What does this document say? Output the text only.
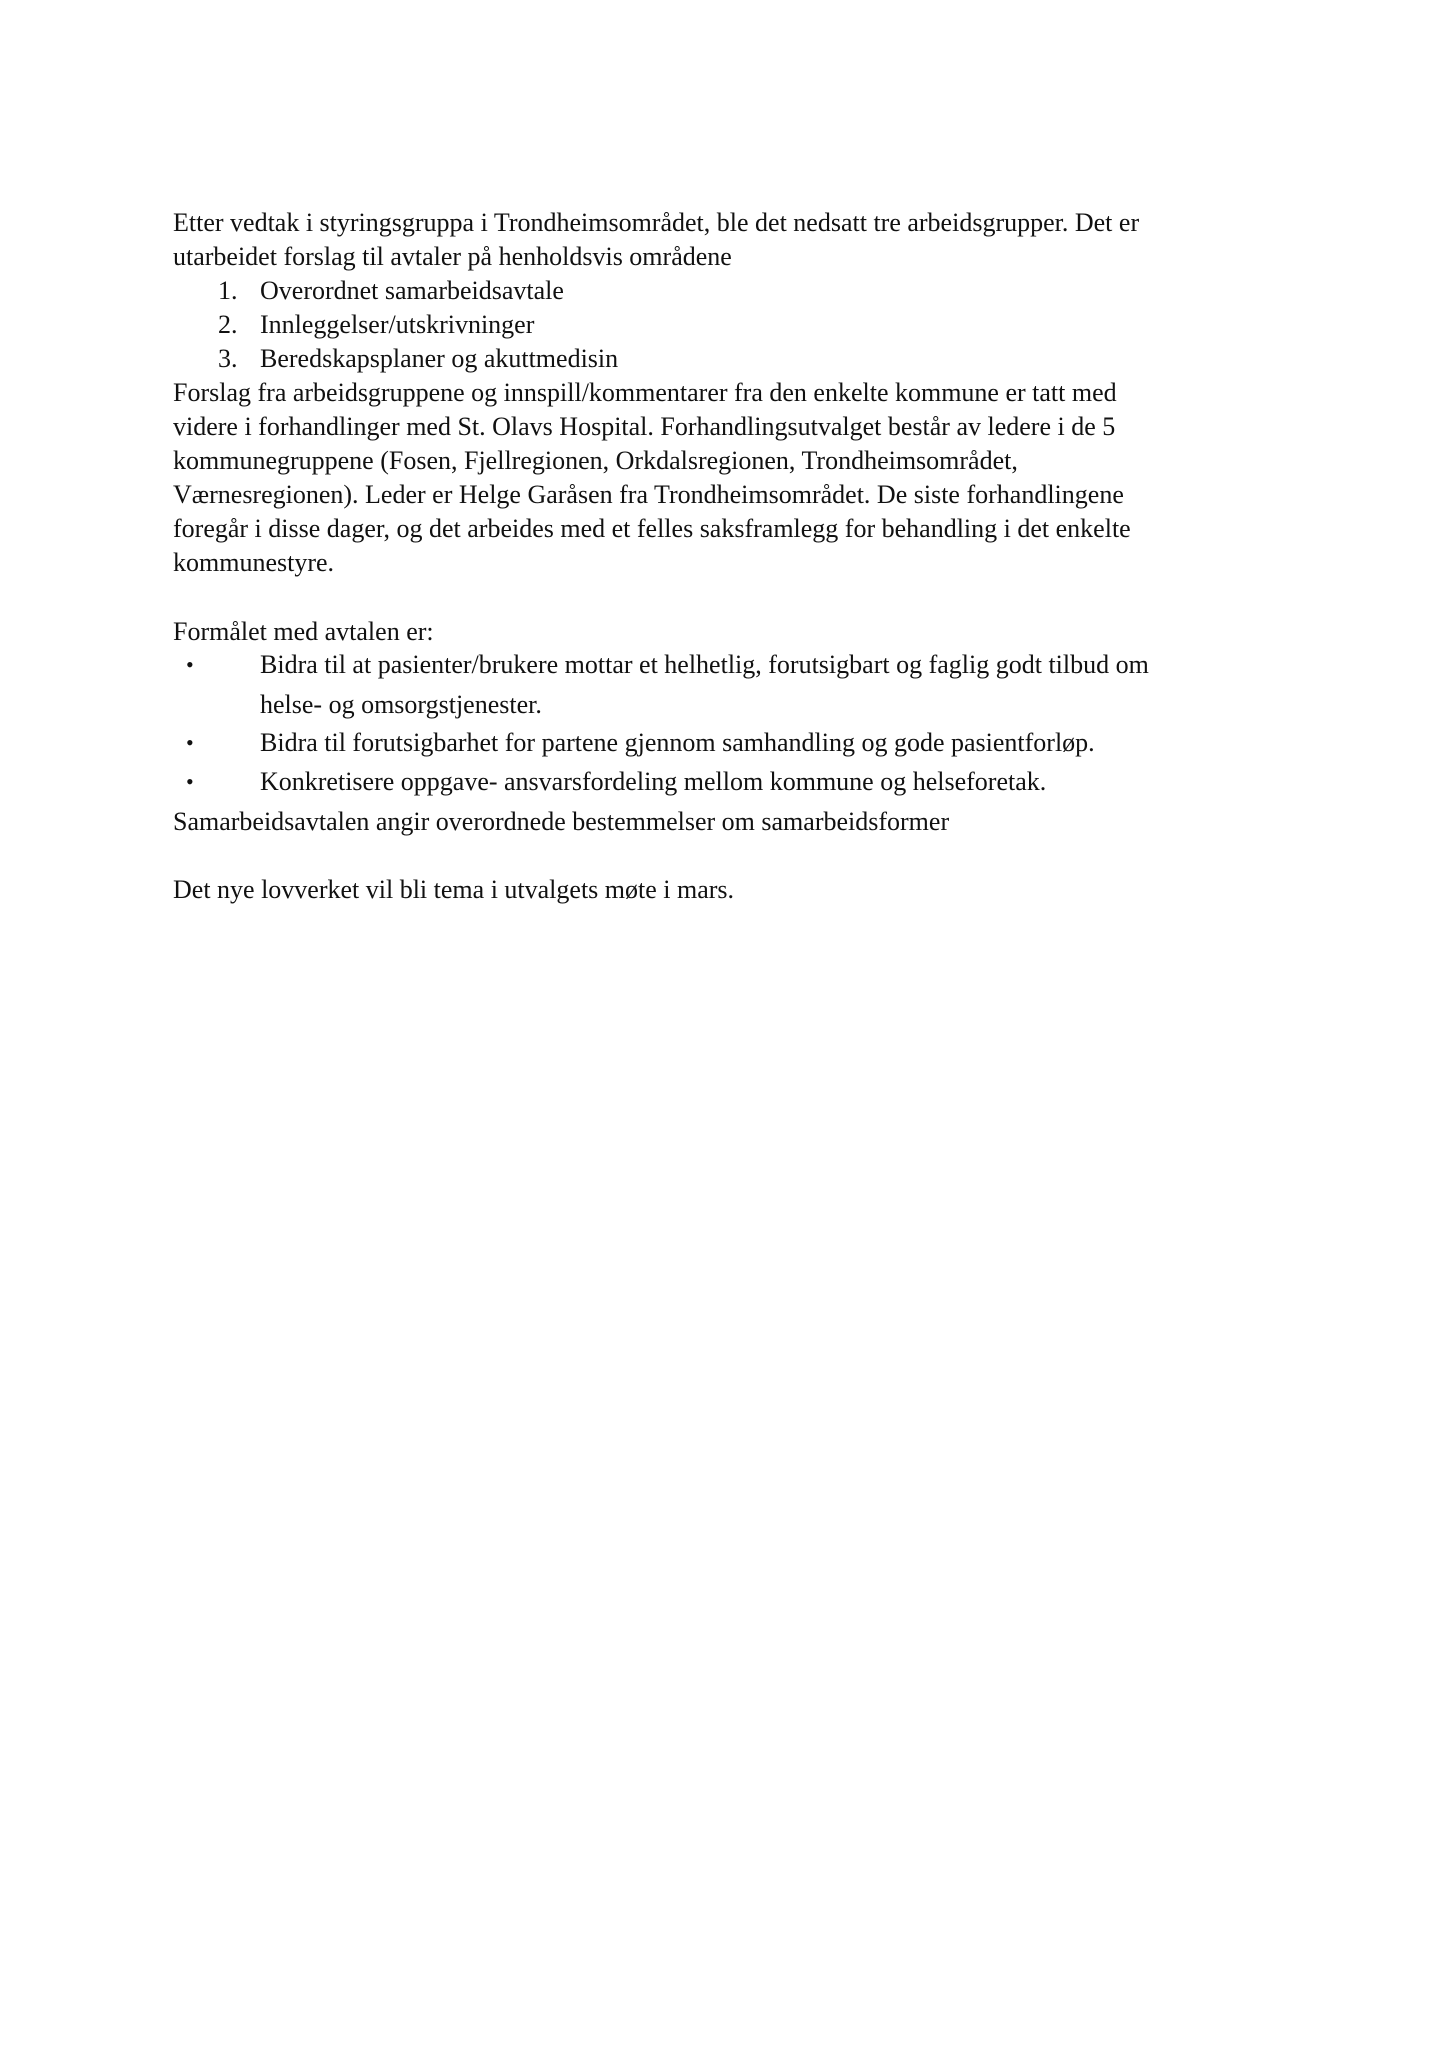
Etter vedtak i styringsgruppa i Trondheimsområdet, ble det nedsatt tre arbeidsgrupper. Det er
utarbeidet forslag til avtaler på henholdsvis områdene
1. Overordnet samarbeidsavtale
2. Innleggelser/utskrivninger
3. Beredskapsplaner og akuttmedisin
Forslag fra arbeidsgruppene og innspill/kommentarer fra den enkelte kommune er tatt med
videre i forhandlinger med St. Olavs Hospital. Forhandlingsutvalget består av ledere i de 5
kommunegruppene (Fosen, Fjellregionen, Orkdalsregionen, Trondheimsområdet,
Værnesregionen). Leder er Helge Garåsen fra Trondheimsområdet. De siste forhandlingene
foregår i disse dager, og det arbeides med et felles saksframlegg for behandling i det enkelte
kommunestyre.
Formålet med avtalen er:
•	Bidra til at pasienter/brukere mottar et helhetlig, forutsigbart og faglig godt tilbud om
helse- og omsorgstjenester.
•	Bidra til forutsigbarhet for partene gjennom samhandling og gode pasientforløp.
•	Konkretisere oppgave- ansvarsfordeling mellom kommune og helseforetak.
Samarbeidsavtalen angir overordnede bestemmelser om samarbeidsformer
Det nye lovverket vil bli tema i utvalgets møte i mars.
